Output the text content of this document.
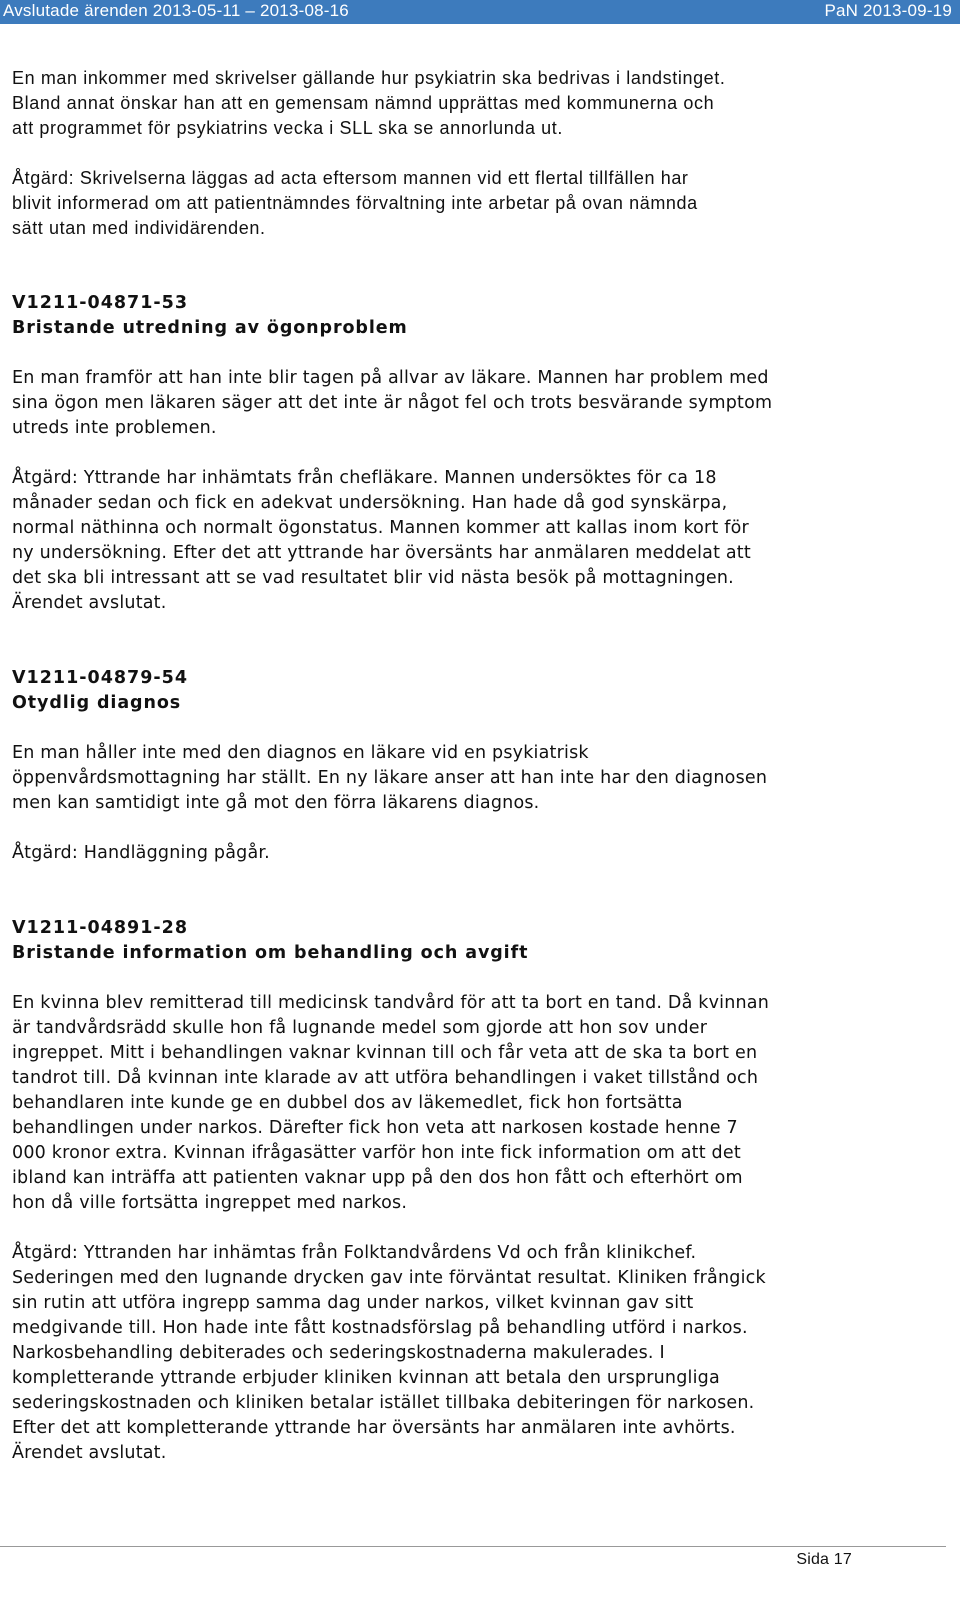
Avslutade ärenden 2013-05-11 – 2013-08-16	PaN 2013-09-19

En man inkommer med skrivelser gällande hur psykiatrin ska bedrivas i landstinget.

Bland annat önskar han att en gemensam nämnd upprättas med kommunerna och

att programmet för psykiatrins vecka i SLL ska se annorlunda ut.

Åtgärd: Skrivelserna läggas ad acta eftersom mannen vid ett flertal tillfällen har

blivit informerad om att patientnämndes förvaltning inte arbetar på ovan nämnda

sätt utan med individärenden.

V1211-04871-53
Bristande utredning av ögonproblem

En man framför att han inte blir tagen på allvar av läkare. Mannen har problem med

sina ögon men läkaren säger att det inte är något fel och trots besvärande symptom

utreds inte problemen.

Åtgärd: Yttrande har inhämtats från chefläkare. Mannen undersöktes för ca 18

månader sedan och fick en adekvat undersökning. Han hade då god synskärpa,

normal näthinna och normalt ögonstatus. Mannen kommer att kallas inom kort för

ny undersökning. Efter det att yttrande har översänts har anmälaren meddelat att

det ska bli intressant att se vad resultatet blir vid nästa besök på mottagningen.

Ärendet avslutat.

V1211-04879-54
Otydlig diagnos

En man håller inte med den diagnos en läkare vid en psykiatrisk

öppenvårdsmottagning har ställt. En ny läkare anser att han inte har den diagnosen

men kan samtidigt inte gå mot den förra läkarens diagnos.

Åtgärd: Handläggning pågår.

V1211-04891-28
Bristande information om behandling och avgift

En kvinna blev remitterad till medicinsk tandvård för att ta bort en tand. Då kvinnan

är tandvårdsrädd skulle hon få lugnande medel som gjorde att hon sov under

ingreppet. Mitt i behandlingen vaknar kvinnan till och får veta att de ska ta bort en

tandrot till. Då kvinnan inte klarade av att utföra behandlingen i vaket tillstånd och

behandlaren inte kunde ge en dubbel dos av läkemedlet, fick hon fortsätta

behandlingen under narkos. Därefter fick hon veta att narkosen kostade henne 7

000 kronor extra. Kvinnan ifrågasätter varför hon inte fick information om att det

ibland kan inträffa att patienten vaknar upp på den dos hon fått och efterhört om

hon då ville fortsätta ingreppet med narkos.

Åtgärd: Yttranden har inhämtas från Folktandvårdens Vd och från klinikchef.

Sederingen med den lugnande drycken gav inte förväntat resultat. Kliniken frångick

sin rutin att utföra ingrepp samma dag under narkos, vilket kvinnan gav sitt

medgivande till. Hon hade inte fått kostnadsförslag på behandling utförd i narkos.

Narkosbehandling debiterades och sederingskostnaderna makulerades. I

kompletterande yttrande erbjuder kliniken kvinnan att betala den ursprungliga

sederingskostnaden och kliniken betalar istället tillbaka debiteringen för narkosen.

Efter det att kompletterande yttrande har översänts har anmälaren inte avhörts.

Ärendet avslutat.

Sida 17
